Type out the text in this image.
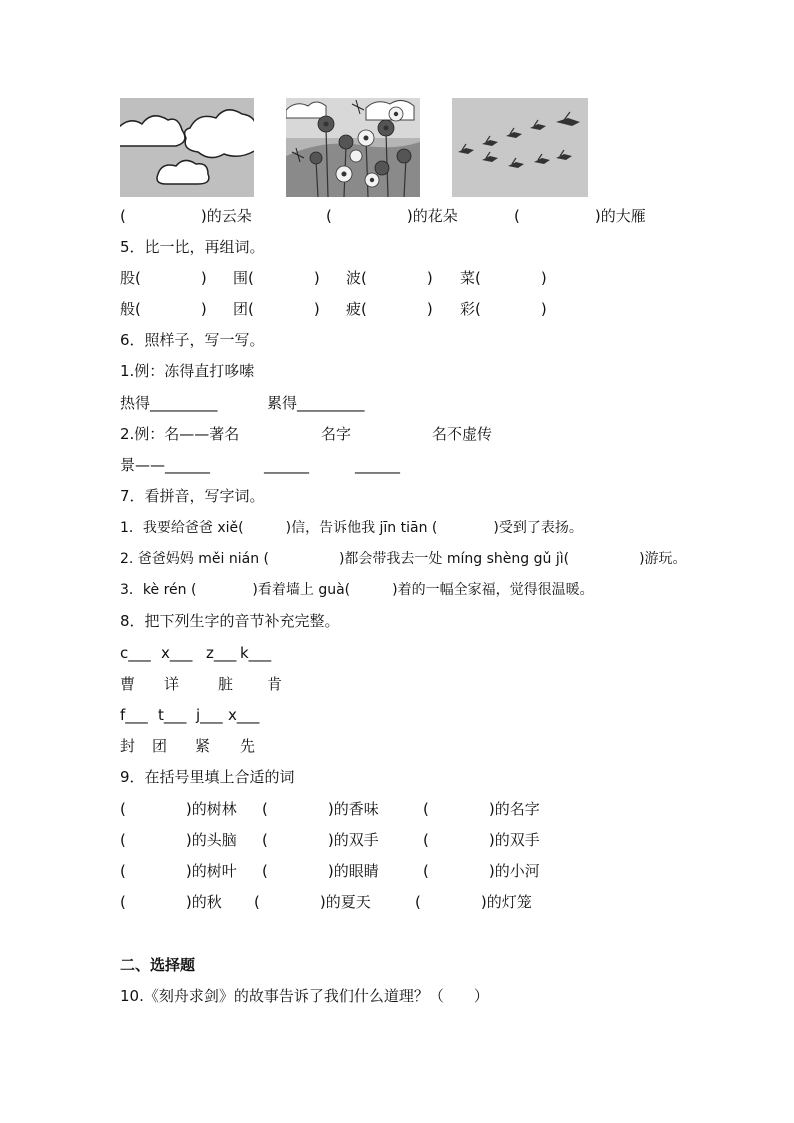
(　　　　　)的云朵	(　　　　　)的花朵	(　　　　　)的大雁
5．比一比，再组词。
股(　　　　) 围(　　　　) 波(　　　　) 菜(　　　　)
般(　　　　) 团(　　　　) 疲(　　　　) 彩(　　　　)
6．照样子，写一写。
1.例：冻得直打哆嗦
热得_________	累得_________
2.例：名——著名	名字	名不虚传
景——______	______	______
7．看拼音，写字词。
1．我要给爸爸 xiě(　　　)信，告诉他我 jīn tiān (　　　　)受到了表扬。
2. 爸爸妈妈 měi nián (　　　　　)都会带我去一处 míng shèng gǔ jì(　　　　　)游玩。
3．kè rén (　　　　)看着墙上 guà(　　　)着的一幅全家福，觉得很温暖。
8．把下列生字的音节补充完整。
c___ x___ z___ k___
曹 详	脏 肯
f___ t___ j___ x___
封 团 紧 先
9．在括号里填上合适的词
(　　　　)的树林 (　　　　)的香味	(　　　　)的名字
(　　　　)的头脑 (　　　　)的双手	(　　　　)的双手
(　　　　)的树叶 (　　　　)的眼睛	(　　　　)的小河
(　　　　)的秋 (　　　　)的夏天	(　　　　)的灯笼
二、选择题
10.《刻舟求剑》的故事告诉了我们什么道理？（　　）
